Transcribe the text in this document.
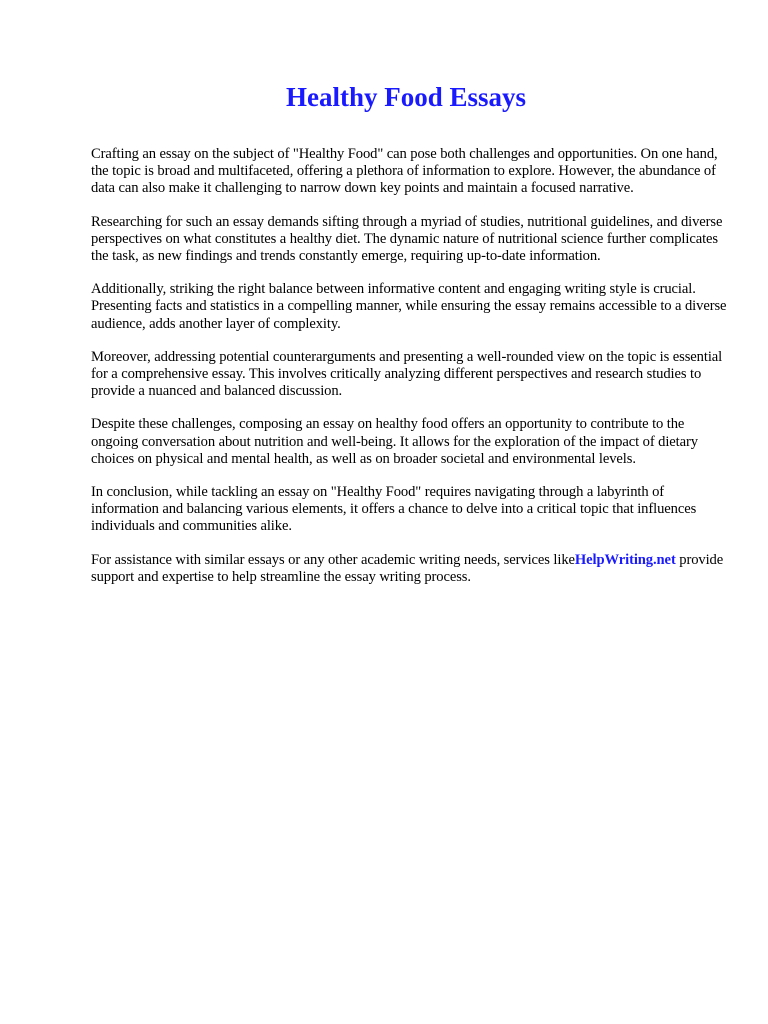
Healthy Food Essays

Crafting an essay on the subject of "Healthy Food" can pose both challenges and opportunities. On one hand, the topic is broad and multifaceted, offering a plethora of information to explore. However, the abundance of data can also make it challenging to narrow down key points and maintain a focused narrative.

Researching for such an essay demands sifting through a myriad of studies, nutritional guidelines, and diverse perspectives on what constitutes a healthy diet. The dynamic nature of nutritional science further complicates the task, as new findings and trends constantly emerge, requiring up-to-date information.

Additionally, striking the right balance between informative content and engaging writing style is crucial. Presenting facts and statistics in a compelling manner, while ensuring the essay remains accessible to a diverse audience, adds another layer of complexity.

Moreover, addressing potential counterarguments and presenting a well-rounded view on the topic is essential for a comprehensive essay. This involves critically analyzing different perspectives and research studies to provide a nuanced and balanced discussion.

Despite these challenges, composing an essay on healthy food offers an opportunity to contribute to the ongoing conversation about nutrition and well-being. It allows for the exploration of the impact of dietary choices on physical and mental health, as well as on broader societal and environmental levels.

In conclusion, while tackling an essay on "Healthy Food" requires navigating through a labyrinth of information and balancing various elements, it offers a chance to delve into a critical topic that influences individuals and communities alike.

For assistance with similar essays or any other academic writing needs, services likeHelpWriting.net provide support and expertise to help streamline the essay writing process.
